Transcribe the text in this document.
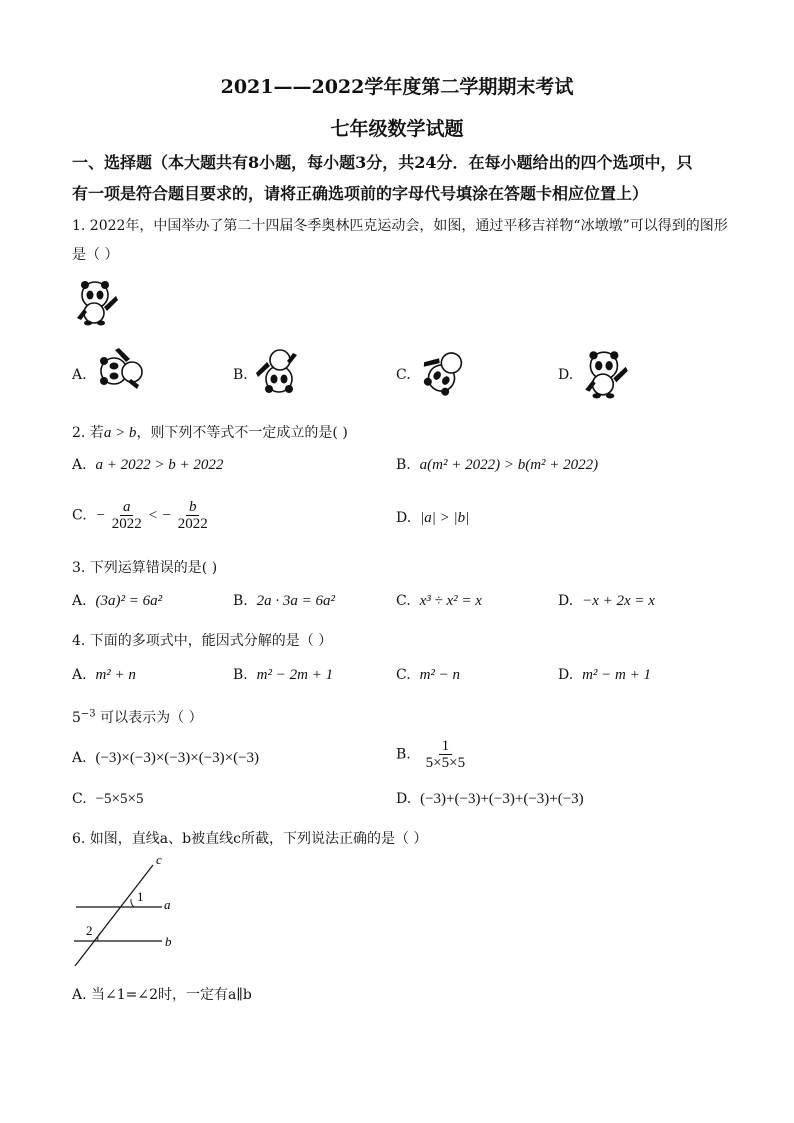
2021——2022学年度第二学期期末考试
七年级数学试题
一、选择题（本大题共有8小题，每小题3分，共24分．在每小题给出的四个选项中，只
有一项是符合题目要求的，请将正确选项前的字母代号填涂在答题卡相应位置上）
1. 2022年，中国举办了第二十四届冬季奥林匹克运动会，如图，通过平移吉祥物“冰墩墩”可以得到的图形
是（ ）
A.	B.	C.	D.
2. 若a > b，则下列不等式不一定成立的是( )
A. a + 2022 > b + 2022	B. a(m² + 2022) > b(m² + 2022)
C. − $\frac{a}{2022}$ < − $\frac{b}{2022}$	D. |a| > |b|
3. 下列运算错误的是( )
A. (3a)² = 6a²	B. 2a · 3a = 6a²	C. x³ ÷ x² = x	D. −x + 2x = x
4. 下面的多项式中，能因式分解的是（ ）
A. m² + n	B. m² − 2m + 1	C. m² − n	D. m² − m + 1
$5^{-3}$ 可以表示为（ ）
A. (−3)×(−3)×(−3)×(−3)×(−3)	B. $\frac{1}{5\times 5\times 5}$
C. −5×5×5	D. (−3)+(−3)+(−3)+(−3)+(−3)
6. 如图，直线a、b被直线c所截，下列说法正确的是（ ）
c
a
b
1
2
A. 当∠1=∠2时，一定有a∥b
